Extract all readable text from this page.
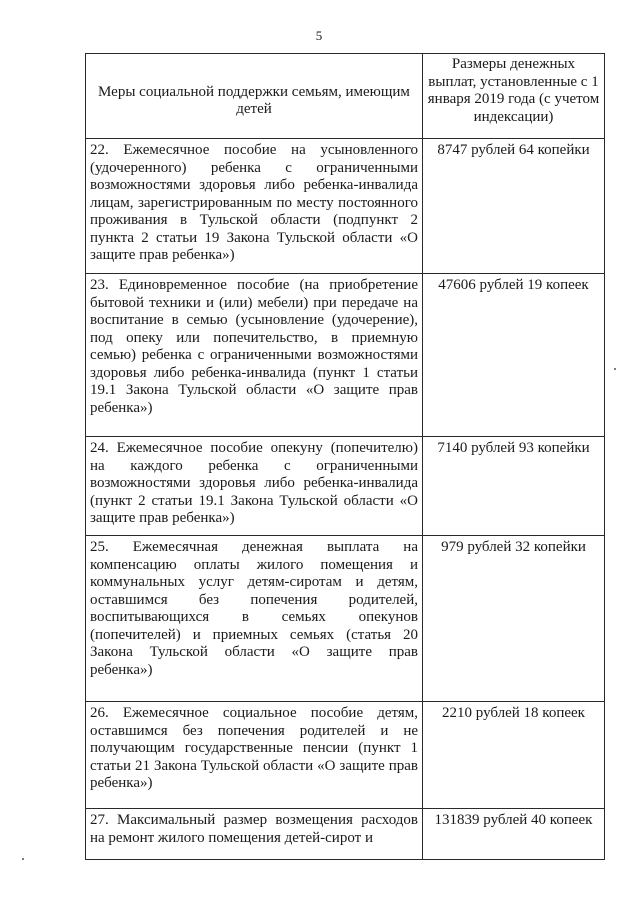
5
Меры социальной поддержки семьям, имеющим детей	Размеры денежных выплат, установленные с 1 января 2019 года (с учетом индексации)
22. Ежемесячное пособие на усыновленного (удочеренного) ребенка с ограниченными возможностями здоровья либо ребенка-инвалида лицам, зарегистрированным по месту постоянного проживания в Тульской области (подпункт 2 пункта 2 статьи 19 Закона Тульской области «О защите прав ребенка»)	8747 рублей 64 копейки
23. Единовременное пособие (на приобретение бытовой техники и (или) мебели) при передаче на воспитание в семью (усыновление (удочерение), под опеку или попечительство, в приемную семью) ребенка с ограниченными возможностями здоровья либо ребенка-инвалида (пункт 1 статьи 19.1 Закона Тульской области «О защите прав ребенка»)	47606 рублей 19 копеек
24. Ежемесячное пособие опекуну (попечителю) на каждого ребенка с ограниченными возможностями здоровья либо ребенка-инвалида (пункт 2 статьи 19.1 Закона Тульской области «О защите прав ребенка»)	7140 рублей 93 копейки
25. Ежемесячная денежная выплата на компенсацию оплаты жилого помещения и коммунальных услуг детям-сиротам и детям, оставшимся без попечения родителей, воспитывающихся в семьях опекунов (попечителей) и приемных семьях (статья 20 Закона Тульской области «О защите прав ребенка»)	979 рублей 32 копейки
26. Ежемесячное социальное пособие детям, оставшимся без попечения родителей и не получающим государственные пенсии (пункт 1 статьи 21 Закона Тульской области «О защите прав ребенка»)	2210 рублей 18 копеек
27. Максимальный размер возмещения расходов на ремонт жилого помещения детей-сирот и	131839 рублей 40 копеек
